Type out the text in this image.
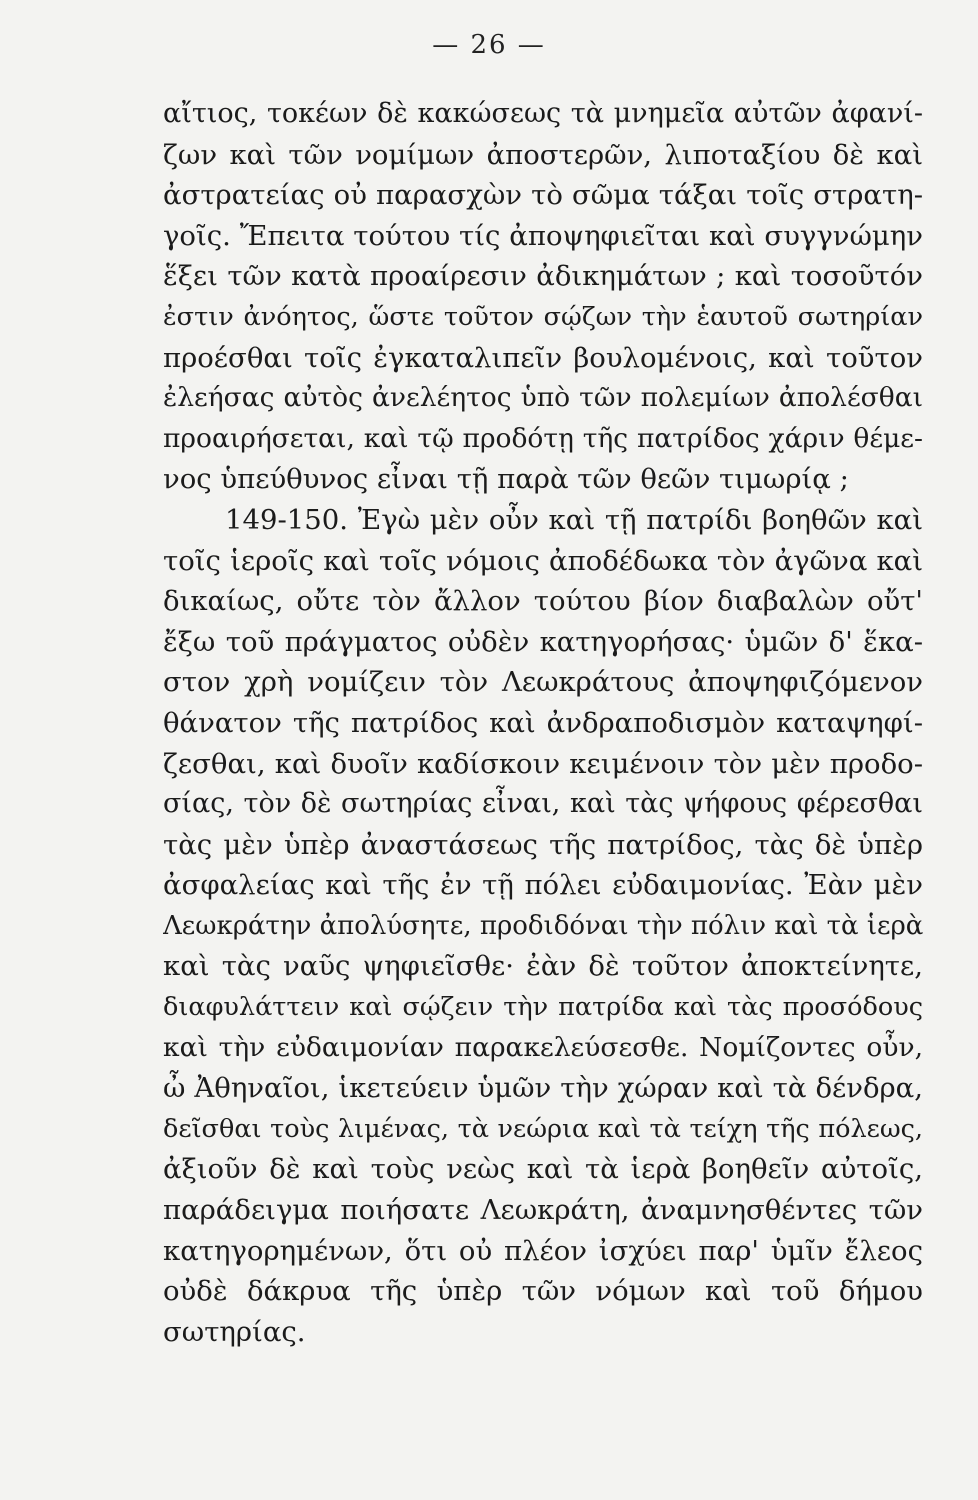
— 26 —
αἴτιος, τοκέων δὲ κακώσεως τὰ μνημεῖα αὐτῶν ἀφανί-
ζων καὶ τῶν νομίμων ἀποστερῶν, λιποταξίου δὲ καὶ
ἀστρατείας οὐ παρασχὼν τὸ σῶμα τάξαι τοῖς στρατη-
γοῖς. Ἔπειτα τούτου τίς ἀποψηφιεῖται καὶ συγγνώμην
ἕξει τῶν κατὰ προαίρεσιν ἀδικημάτων ; καὶ τοσοῦτόν
ἐστιν ἀνόητος, ὥστε τοῦτον σῴζων τὴν ἑαυτοῦ σωτηρίαν
προέσθαι τοῖς ἐγκαταλιπεῖν βουλομένοις, καὶ τοῦτον
ἐλεήσας αὐτὸς ἀνελέητος ὑπὸ τῶν πολεμίων ἀπολέσθαι
προαιρήσεται, καὶ τῷ προδότῃ τῆς πατρίδος χάριν θέμε-
νος ὑπεύθυνος εἶναι τῇ παρὰ τῶν θεῶν τιμωρίᾳ ;
149-150. Ἐγὼ μὲν οὖν καὶ τῇ πατρίδι βοηθῶν καὶ
τοῖς ἱεροῖς καὶ τοῖς νόμοις ἀποδέδωκα τὸν ἀγῶνα καὶ
δικαίως, οὔτε τὸν ἄλλον τούτου βίον διαβαλὼν οὔτ'
ἔξω τοῦ πράγματος οὐδὲν κατηγορήσας· ὑμῶν δ' ἕκα-
στον χρὴ νομίζειν τὸν Λεωκράτους ἀποψηφιζόμενον
θάνατον τῆς πατρίδος καὶ ἀνδραποδισμὸν καταψηφί-
ζεσθαι, καὶ δυοῖν καδίσκοιν κειμένοιν τὸν μὲν προδο-
σίας, τὸν δὲ σωτηρίας εἶναι, καὶ τὰς ψήφους φέρεσθαι
τὰς μὲν ὑπὲρ ἀναστάσεως τῆς πατρίδος, τὰς δὲ ὑπὲρ
ἀσφαλείας καὶ τῆς ἐν τῇ πόλει εὐδαιμονίας. Ἐὰν μὲν
Λεωκράτην ἀπολύσητε, προδιδόναι τὴν πόλιν καὶ τὰ ἱερὰ
καὶ τὰς ναῦς ψηφιεῖσθε· ἐὰν δὲ τοῦτον ἀποκτείνητε,
διαφυλάττειν καὶ σῴζειν τὴν πατρίδα καὶ τὰς προσόδους
καὶ τὴν εὐδαιμονίαν παρακελεύσεσθε. Νομίζοντες οὖν,
ὦ Ἀθηναῖοι, ἱκετεύειν ὑμῶν τὴν χώραν καὶ τὰ δένδρα,
δεῖσθαι τοὺς λιμένας, τὰ νεώρια καὶ τὰ τείχη τῆς πόλεως,
ἀξιοῦν δὲ καὶ τοὺς νεὼς καὶ τὰ ἱερὰ βοηθεῖν αὐτοῖς,
παράδειγμα ποιήσατε Λεωκράτη, ἀναμνησθέντες τῶν
κατηγορημένων, ὅτι οὐ πλέον ἰσχύει παρ' ὑμῖν ἔλεος
οὐδὲ δάκρυα τῆς ὑπὲρ τῶν νόμων καὶ τοῦ δήμου
σωτηρίας.
